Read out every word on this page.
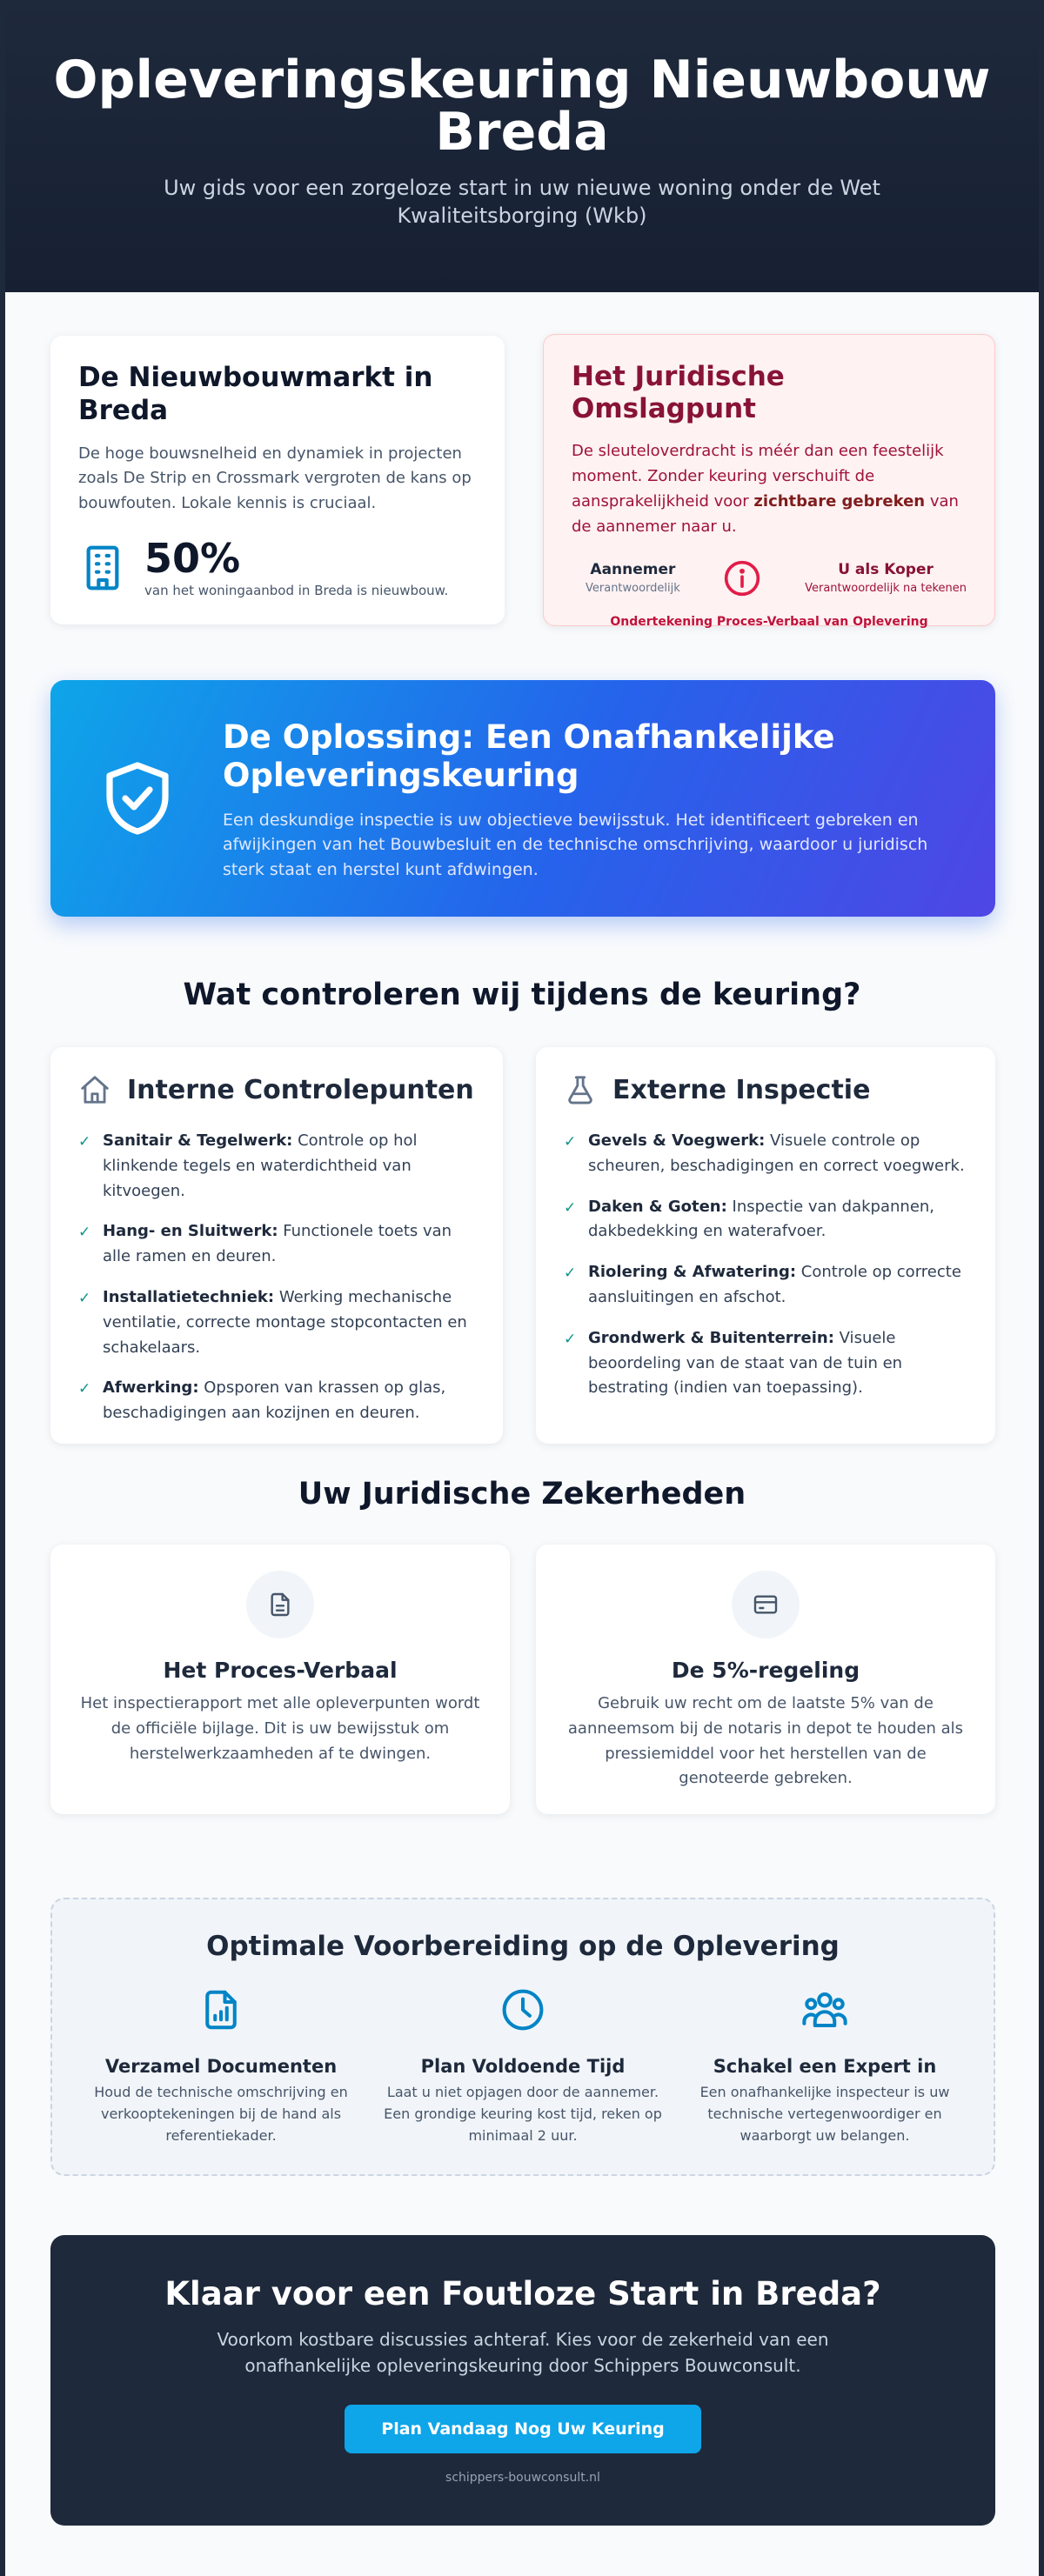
Opleveringskeuring Nieuwbouw Breda

Uw gids voor een zorgeloze start in uw nieuwe woning onder de Wet Kwaliteitsborging (Wkb)

De Nieuwbouwmarkt in Breda

De hoge bouwsnelheid en dynamiek in projecten zoals De Strip en Crossmark vergroten de kans op bouwfouten. Lokale kennis is cruciaal.

50%
van het woningaanbod in Breda is nieuwbouw.
Het Juridische Omslagpunt

De sleuteloverdracht is méér dan een feestelijk moment. Zonder keuring verschuift de aansprakelijkheid voor zichtbare gebreken van de aannemer naar u.

Aannemer
Verantwoordelijk
U als Koper
Verantwoordelijk na tekenen
Ondertekening Proces-Verbaal van Oplevering
De Oplossing: Een Onafhankelijke Opleveringskeuring

Een deskundige inspectie is uw objectieve bewijsstuk. Het identificeert gebreken en afwijkingen van het Bouwbesluit en de technische omschrijving, waardoor u juridisch sterk staat en herstel kunt afdwingen.

Wat controleren wij tijdens de keuring?
Interne Controlepunten
✓ Sanitair & Tegelwerk: Controle op hol klinkende tegels en waterdichtheid van kitvoegen.
✓ Hang- en Sluitwerk: Functionele toets van alle ramen en deuren.
✓ Installatietechniek: Werking mechanische ventilatie, correcte montage stopcontacten en schakelaars.
✓ Afwerking: Opsporen van krassen op glas, beschadigingen aan kozijnen en deuren.
Externe Inspectie
✓ Gevels & Voegwerk: Visuele controle op scheuren, beschadigingen en correct voegwerk.
✓ Daken & Goten: Inspectie van dakpannen, dakbedekking en waterafvoer.
✓ Riolering & Afwatering: Controle op correcte aansluitingen en afschot.
✓ Grondwerk & Buitenterrein: Visuele beoordeling van de staat van de tuin en bestrating (indien van toepassing).
Uw Juridische Zekerheden
Het Proces-Verbaal

Het inspectierapport met alle opleverpunten wordt de officiële bijlage. Dit is uw bewijsstuk om herstelwerkzaamheden af te dwingen.

De 5%-regeling

Gebruik uw recht om de laatste 5% van de aanneemsom bij de notaris in depot te houden als pressiemiddel voor het herstellen van de genoteerde gebreken.

Optimale Voorbereiding op de Oplevering
Verzamel Documenten

Houd de technische omschrijving en verkooptekeningen bij de hand als referentiekader.

Plan Voldoende Tijd

Laat u niet opjagen door de aannemer. Een grondige keuring kost tijd, reken op minimaal 2 uur.

Schakel een Expert in

Een onafhankelijke inspecteur is uw technische vertegenwoordiger en waarborgt uw belangen.

Klaar voor een Foutloze Start in Breda?

Voorkom kostbare discussies achteraf. Kies voor de zekerheid van een onafhankelijke opleveringskeuring door Schippers Bouwconsult.

Plan Vandaag Nog Uw Keuring
schippers-bouwconsult.nl
